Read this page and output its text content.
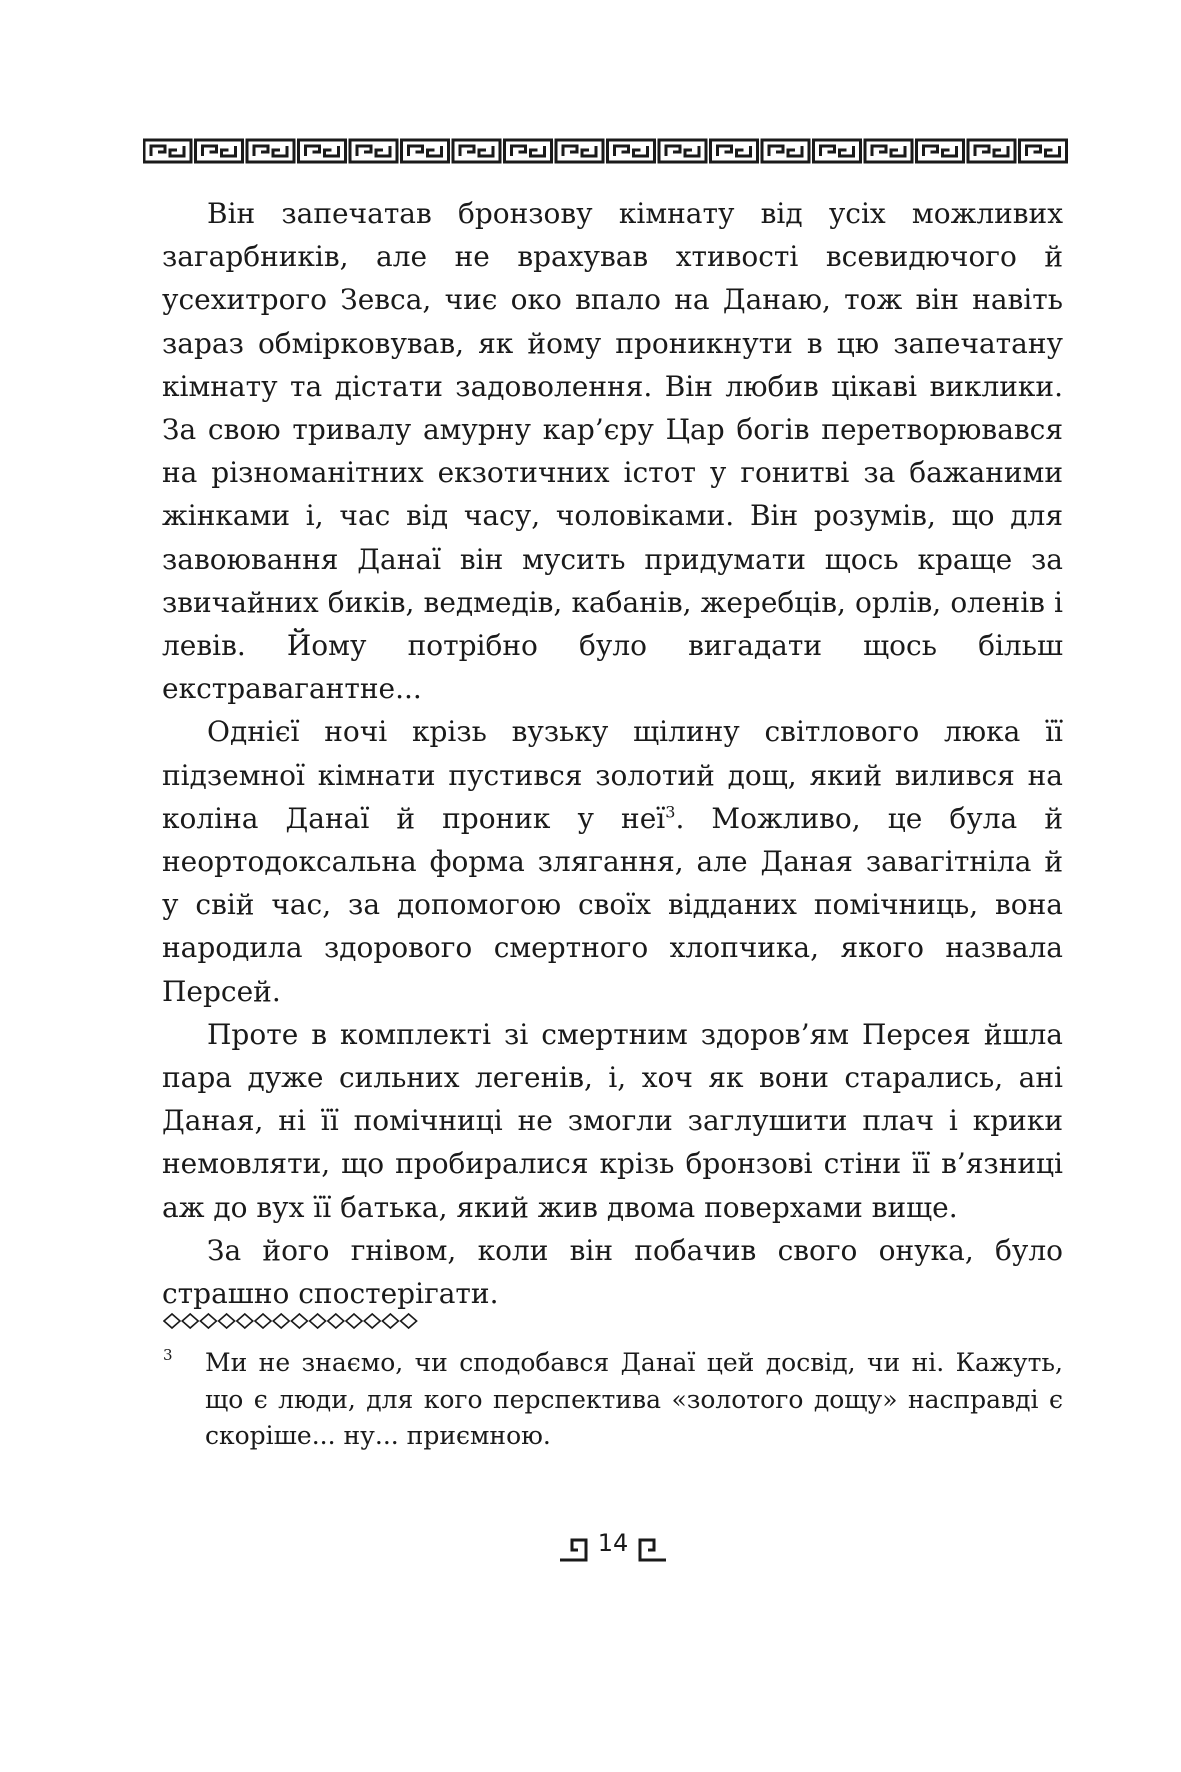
Він запечатав бронзову кімнату від усіх можливих загарбників, але не врахував хтивості всевидючого й усехитрого Зевса, чиє око впало на Данаю, тож він навіть зараз обмірковував, як йому проникнути в цю запечатану кімнату та дістати задоволення. Він любив цікаві виклики. За свою тривалу амурну кар’єру Цар богів перетворювався на різноманітних екзотичних істот у гонитві за бажаними жінками і, час від часу, чоловіками. Він розумів, що для завоювання Данаї він мусить придумати щось краще за звичайних биків, ведмедів, кабанів, жеребців, орлів, оленів і левів. Йому потрібно було вигадати щось більш екстравагантне...

Однієї ночі крізь вузьку щілину світлового люка її підземної кімнати пустився золотий дощ, який вилився на коліна Данаї й проник у неї$^3$. Можливо, це була й неортодоксальна форма злягання, але Даная завагітніла й у свій час, за допомогою своїх відданих помічниць, вона народила здорового смертного хлопчика, якого назвала Персей.

Проте в комплекті зі смертним здоров’ям Персея йшла пара дуже сильних легенів, і, хоч як вони старались, ані Даная, ні її помічниці не змогли заглушити плач і крики немовляти, що пробиралися крізь бронзові стіни її в’язниці аж до вух її батька, який жив двома поверхами вище.

За його гнівом, коли він побачив свого онука, було страшно спостерігати.

3 Ми не знаємо, чи сподобався Данаї цей досвід, чи ні. Кажуть, що є люди, для кого перспектива «золотого дощу» насправді є скоріше... ну... приємною.
14
